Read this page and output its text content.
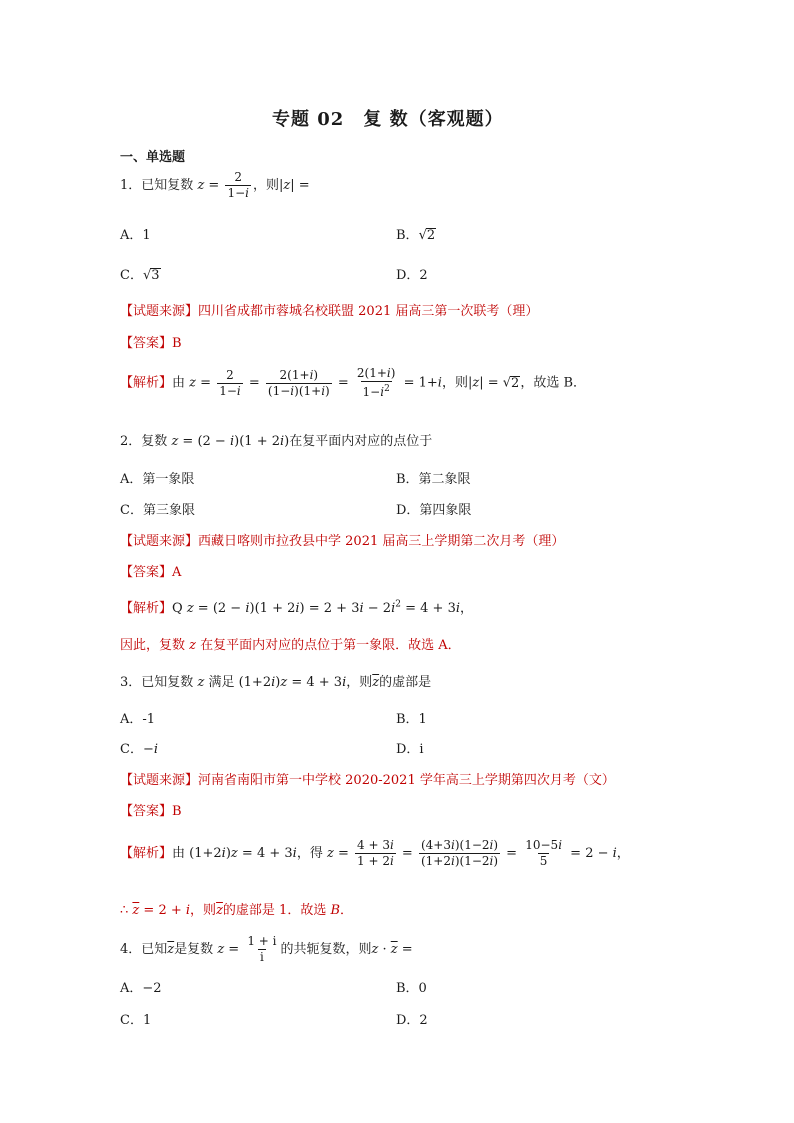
专题 02　复 数（客观题）
一、单选题
1．已知复数 $z = \frac{2}{1-i}$ ，则|z| =
A．1	B．√2
C．√3	D．2
【试题来源】四川省成都市蓉城名校联盟 2021 届高三第一次联考（理）
【答案】B
【解析】由 $z = \frac{2}{1-i} = \frac{2(1+i)}{(1-i)(1+i)} = \frac{2(1+i)}{1-i^2} = 1+i$，则|z| = √2，故选 B．
2．复数 z = (2 − i)(1 + 2i)在复平面内对应的点位于
A．第一象限	B．第二象限
C．第三象限	D．第四象限
【试题来源】西藏日喀则市拉孜县中学 2021 届高三上学期第二次月考（理）
【答案】A
【解析】Q $z = (2 - i)(1 + 2i) = 2 + 3i - 2i^2 = 4 + 3i$，
因此，复数 z 在复平面内对应的点位于第一象限．故选 A．
3．已知复数 z 满足 (1+2i)z = 4 + 3i，则$\overline{z}$的虚部是
A．-1	B．1
C．−i	D．i
【试题来源】河南省南阳市第一中学校 2020-2021 学年高三上学期第四次月考（文）
【答案】B
【解析】由 (1+2i)z = 4 + 3i，得 $z = \frac{4 + 3i}{1 + 2i} = \frac{(4+3i)(1-2i)}{(1+2i)(1-2i)} = \frac{10-5i}{5} = 2 - i$，
∴ $\overline{z} = 2 + i$，则$\overline{z}$的虚部是 1．故选 B．
4．已知$\overline{z}$是复数 $z = \frac{1 + i}{i}$ 的共轭复数，则$z \cdot \overline{z}$ =
A．−2	B．0
C．1	D．2
